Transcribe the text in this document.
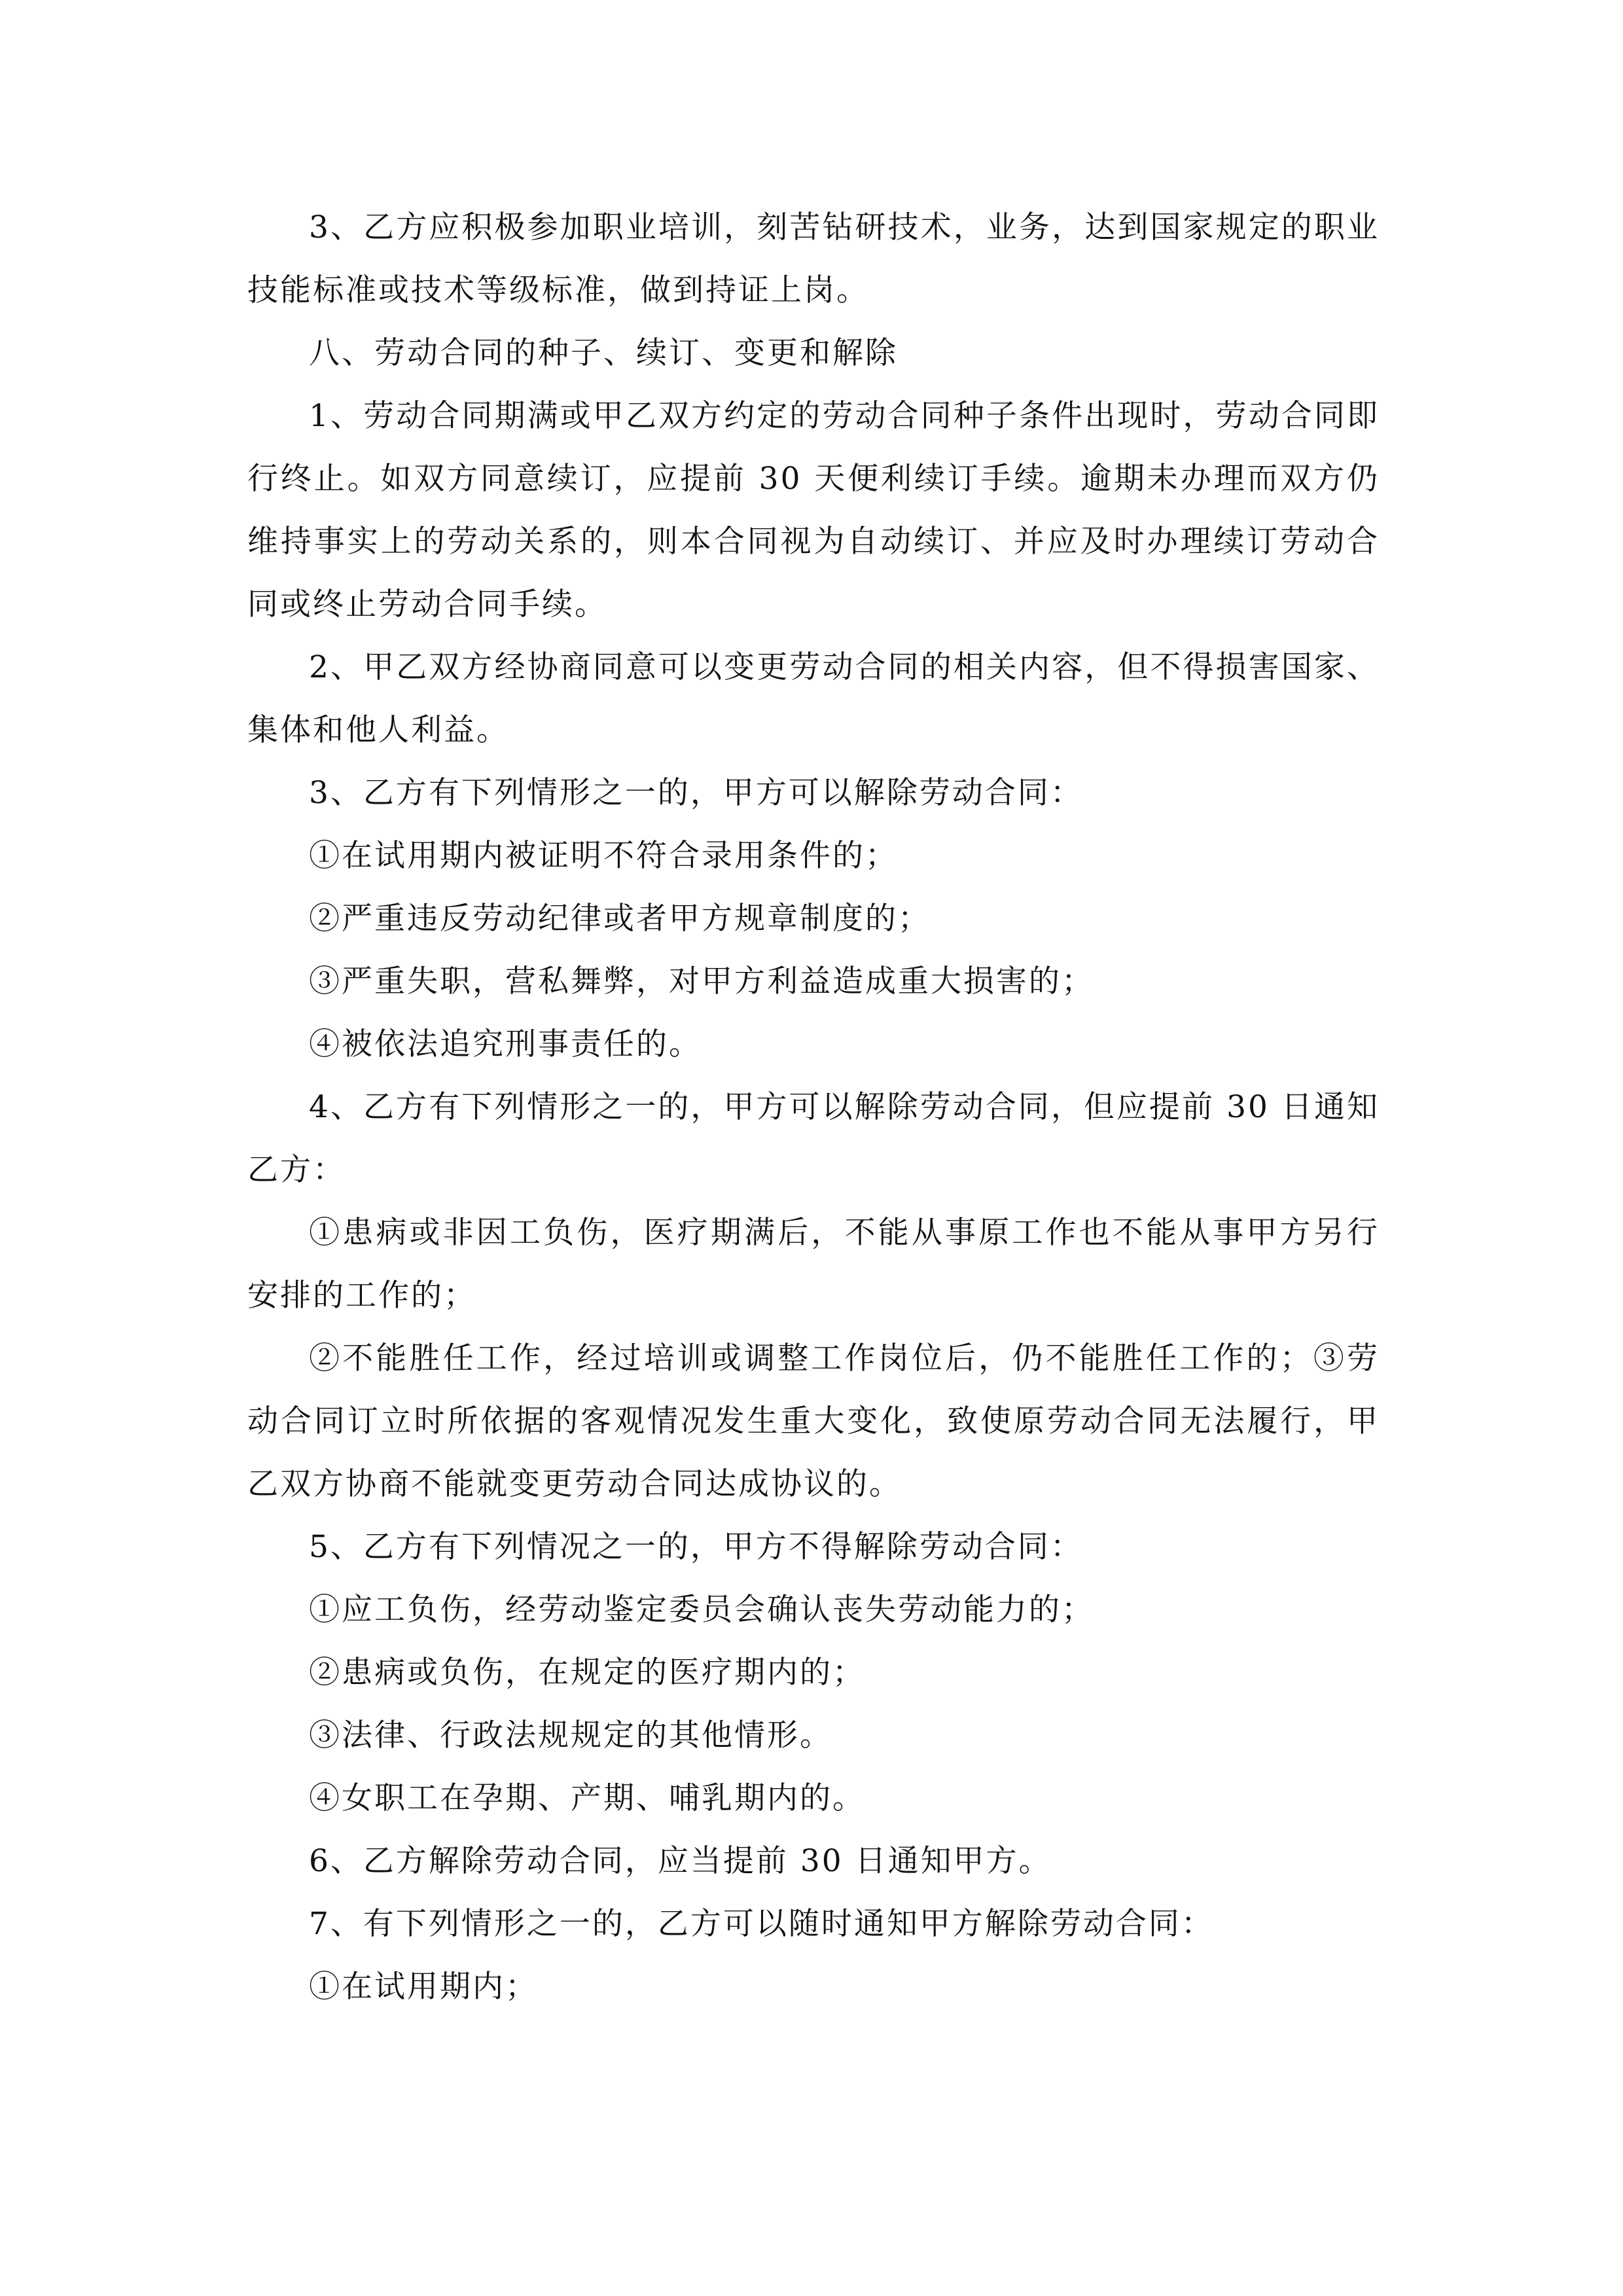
3、乙方应积极参加职业培训，刻苦钻研技术，业务，达到国家规定的职业技能标准或技术等级标准，做到持证上岗。

八、劳动合同的种子、续订、变更和解除

1、劳动合同期满或甲乙双方约定的劳动合同种子条件出现时，劳动合同即行终止。如双方同意续订，应提前 30 天便利续订手续。逾期未办理而双方仍维持事实上的劳动关系的，则本合同视为自动续订、并应及时办理续订劳动合同或终止劳动合同手续。

2、甲乙双方经协商同意可以变更劳动合同的相关内容，但不得损害国家、集体和他人利益。

3、乙方有下列情形之一的，甲方可以解除劳动合同：

①在试用期内被证明不符合录用条件的；

②严重违反劳动纪律或者甲方规章制度的；

③严重失职，营私舞弊，对甲方利益造成重大损害的；

④被依法追究刑事责任的。

4、乙方有下列情形之一的，甲方可以解除劳动合同，但应提前 30 日通知乙方：

①患病或非因工负伤，医疗期满后，不能从事原工作也不能从事甲方另行安排的工作的；

②不能胜任工作，经过培训或调整工作岗位后，仍不能胜任工作的；③劳动合同订立时所依据的客观情况发生重大变化，致使原劳动合同无法履行，甲乙双方协商不能就变更劳动合同达成协议的。

5、乙方有下列情况之一的，甲方不得解除劳动合同：

①应工负伤，经劳动鉴定委员会确认丧失劳动能力的；

②患病或负伤，在规定的医疗期内的；

③法律、行政法规规定的其他情形。

④女职工在孕期、产期、哺乳期内的。

6、乙方解除劳动合同，应当提前 30 日通知甲方。

7、有下列情形之一的，乙方可以随时通知甲方解除劳动合同：

①在试用期内；
